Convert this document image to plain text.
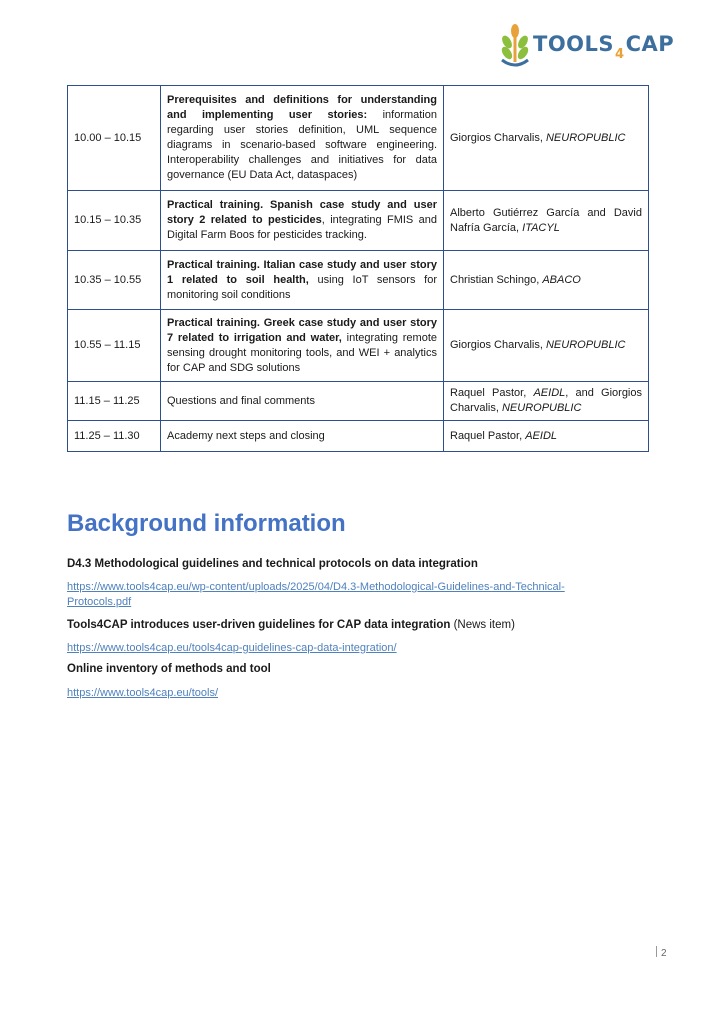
$TOOLS_4CAP$
10.00 – 10.15	Prerequisites and definitions for understanding and implementing user stories: information regarding user stories definition, UML sequence diagrams in scenario-based software engineering. Interoperability challenges and initiatives for data governance (EU Data Act, dataspaces)	Giorgios Charvalis, NEUROPUBLIC
10.15 – 10.35	Practical training. Spanish case study and user story 2 related to pesticides, integrating FMIS and Digital Farm Boos for pesticides tracking.	Alberto Gutiérrez García and David Nafría García, ITACYL
10.35 – 10.55	Practical training. Italian case study and user story 1 related to soil health, using IoT sensors for monitoring soil conditions	Christian Schingo, ABACO
10.55 – 11.15	Practical training. Greek case study and user story 7 related to irrigation and water, integrating remote sensing drought monitoring tools, and WEI + analytics for CAP and SDG solutions	Giorgios Charvalis, NEUROPUBLIC
11.15 – 11.25	Questions and final comments	Raquel Pastor, AEIDL, and Giorgios Charvalis, NEUROPUBLIC
11.25 – 11.30	Academy next steps and closing	Raquel Pastor, AEIDL
Background information
D4.3 Methodological guidelines and technical protocols on data integration
https://www.tools4cap.eu/wp-content/uploads/2025/04/D4.3-Methodological-Guidelines-and-Technical-Protocols.pdf
Tools4CAP introduces user-driven guidelines for CAP data integration (News item)
https://www.tools4cap.eu/tools4cap-guidelines-cap-data-integration/
Online inventory of methods and tool
https://www.tools4cap.eu/tools/
2
